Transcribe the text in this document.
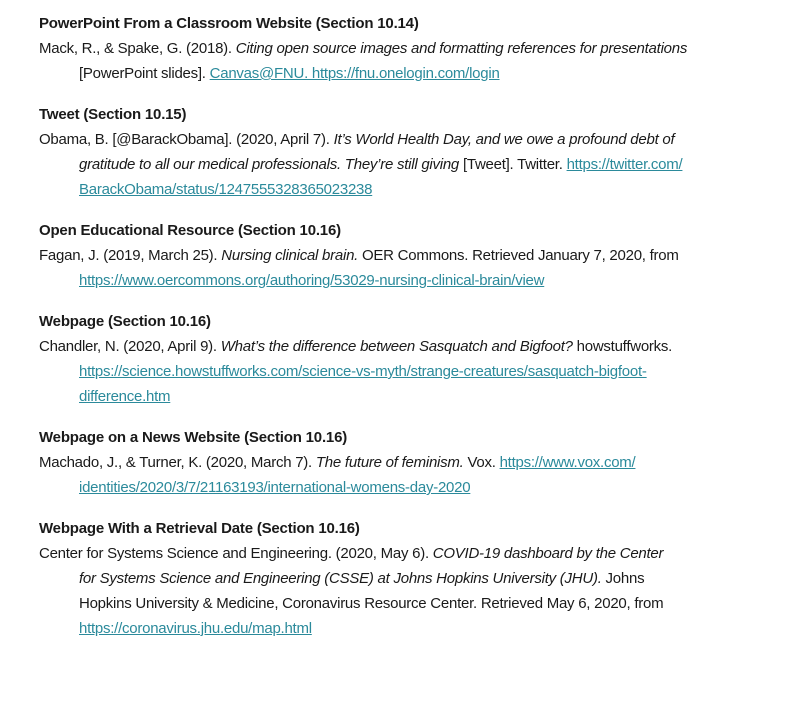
PowerPoint From a Classroom Website (Section 10.14)
Mack, R., & Spake, G. (2018). Citing open source images and formatting references for presentations
[PowerPoint slides]. Canvas@FNU. https://fnu.onelogin.com/login
Tweet (Section 10.15)
Obama, B. [@BarackObama]. (2020, April 7). It’s World Health Day, and we owe a profound debt of
gratitude to all our medical professionals. They’re still giving [Tweet]. Twitter. https://twitter.com/
BarackObama/status/1247555328365023238
Open Educational Resource (Section 10.16)
Fagan, J. (2019, March 25). Nursing clinical brain. OER Commons. Retrieved January 7, 2020, from
https://www.oercommons.org/authoring/53029-nursing-clinical-brain/view
Webpage (Section 10.16)
Chandler, N. (2020, April 9). What’s the difference between Sasquatch and Bigfoot? howstuffworks.
https://science.howstuffworks.com/science-vs-myth/strange-creatures/sasquatch-bigfoot-
difference.htm
Webpage on a News Website (Section 10.16)
Machado, J., & Turner, K. (2020, March 7). The future of feminism. Vox. https://www.vox.com/
identities/2020/3/7/21163193/international-womens-day-2020
Webpage With a Retrieval Date (Section 10.16)
Center for Systems Science and Engineering. (2020, May 6). COVID-19 dashboard by the Center
for Systems Science and Engineering (CSSE) at Johns Hopkins University (JHU). Johns
Hopkins University & Medicine, Coronavirus Resource Center. Retrieved May 6, 2020, from
https://coronavirus.jhu.edu/map.html
